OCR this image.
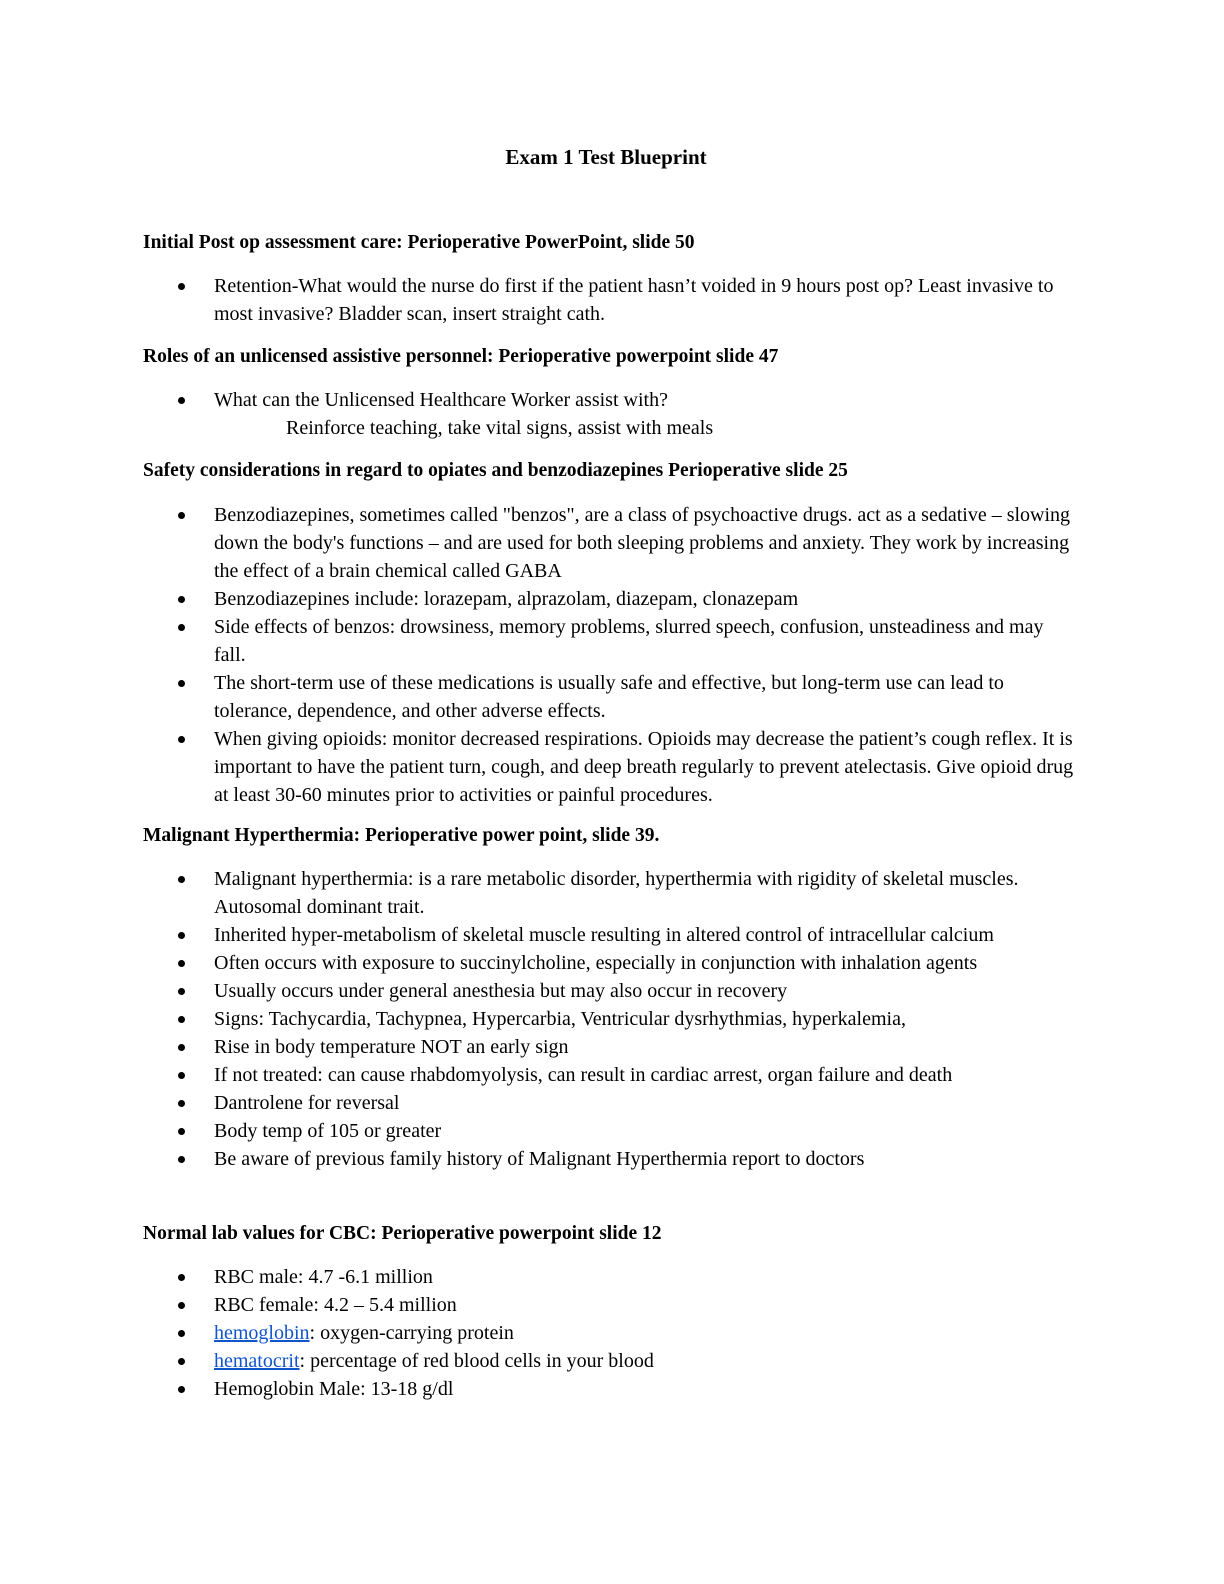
Exam 1 Test Blueprint
Initial Post op assessment care: Perioperative PowerPoint, slide 50
Retention-What would the nurse do first if the patient hasn’t voided in 9 hours post op? Least invasive to most invasive? Bladder scan, insert straight cath.
Roles of an unlicensed assistive personnel: Perioperative powerpoint slide 47
What can the Unlicensed Healthcare Worker assist with?
Reinforce teaching, take vital signs, assist with meals
Safety considerations in regard to opiates and benzodiazepines Perioperative slide 25
Benzodiazepines, sometimes called "benzos", are a class of psychoactive drugs. act as a sedative – slowing down the body's functions – and are used for both sleeping problems and anxiety. They work by increasing the effect of a brain chemical called GABA
Benzodiazepines include: lorazepam, alprazolam, diazepam, clonazepam
Side effects of benzos: drowsiness, memory problems, slurred speech, confusion, unsteadiness and may fall.
The short-term use of these medications is usually safe and effective, but long-term use can lead to tolerance, dependence, and other adverse effects.
When giving opioids: monitor decreased respirations. Opioids may decrease the patient’s cough reflex. It is important to have the patient turn, cough, and deep breath regularly to prevent atelectasis. Give opioid drug at least 30-60 minutes prior to activities or painful procedures.
Malignant Hyperthermia: Perioperative power point, slide 39.
Malignant hyperthermia: is a rare metabolic disorder, hyperthermia with rigidity of skeletal muscles. Autosomal dominant trait.
Inherited hyper-metabolism of skeletal muscle resulting in altered control of intracellular calcium
Often occurs with exposure to succinylcholine, especially in conjunction with inhalation agents
Usually occurs under general anesthesia but may also occur in recovery
Signs: Tachycardia, Tachypnea, Hypercarbia, Ventricular dysrhythmias, hyperkalemia,
Rise in body temperature NOT an early sign
If not treated: can cause rhabdomyolysis, can result in cardiac arrest, organ failure and death
Dantrolene for reversal
Body temp of 105 or greater
Be aware of previous family history of Malignant Hyperthermia report to doctors
Normal lab values for CBC: Perioperative powerpoint slide 12
RBC male: 4.7 -6.1 million
RBC female: 4.2 – 5.4 million
hemoglobin: oxygen-carrying protein
hematocrit: percentage of red blood cells in your blood
Hemoglobin Male: 13-18 g/dl
